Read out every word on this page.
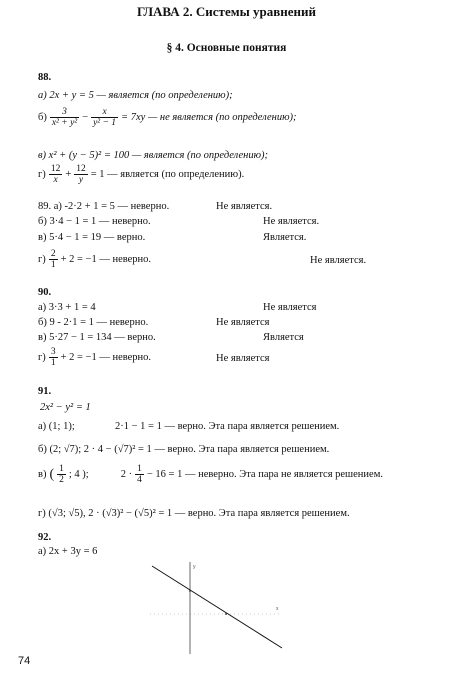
ГЛАВА 2. Системы уравнений
§ 4. Основные понятия
88.
а) 2x + y = 5 — является (по определению);
$б) \frac{3}{\text{x² + y²}} - \frac{x}{\text{y² − 1}} = 7xy$ — не является (по определению);
в) x² + (y − 5)² = 100 — является (по определению);
$г) \frac{12}{x} + \frac{12}{y} = 1$ — является (по определению).
89. а) -2·2 + 1 = 5 — неверно.	Не является.
б) 3·4 − 1 = 1 — неверно.	Не является.
в) 5·4 − 1 = 19 — верно.	Является.
$г) \frac{2}{1} + 2 = -1$ — неверно.	Не является.
90.
а) 3·3 + 1 = 4	Не является
б) 9 - 2·1 = 1 — неверно.	Не является
в) 5·27 − 1 = 134 — верно.	Является
$г) \frac{3}{1} + 2 = -1$ — неверно.	Не является
91.
2x² − y² = 1
а) (1; 1);	2·1 − 1 = 1 — верно. Эта пара является решением.
б) (2; √7); 2 · 4 − (√7)² = 1 — верно. Эта пара является решением.
в) ( $\frac{1}{2}$ ; 4 );	$2 \cdot \frac{1}{4} - 16 = 1$ — неверно. Эта пара не является решением.
г) (√3; √5), 2 · (√3)² − (√5)² = 1 — верно. Эта пара является решением.
92.
а) 2x + 3y = 6
y
x
74
